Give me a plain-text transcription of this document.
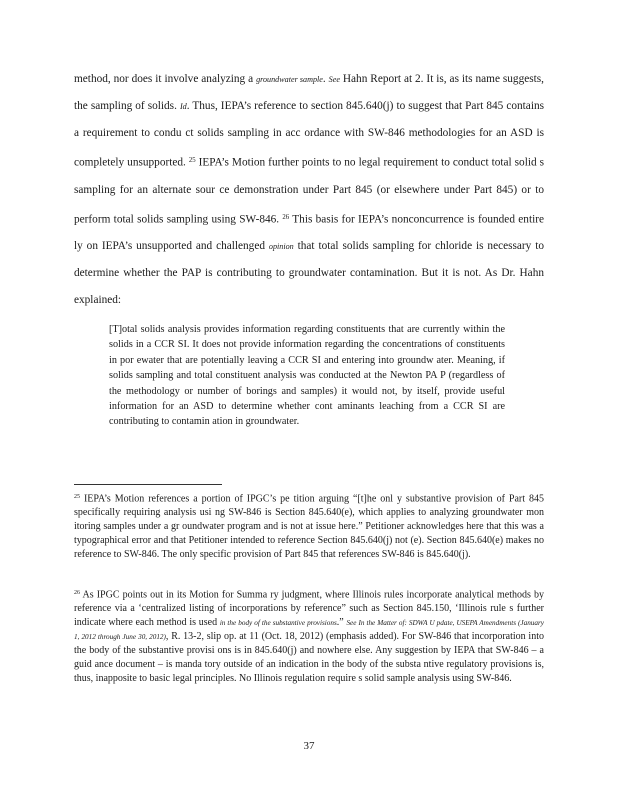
method, nor does it involve analyzing a groundwater sample. See Hahn Report at 2. It is, as its name suggests, the sampling of solids. Id. Thus, IEPA’s reference to section 845.640(j) to suggest that Part 845 contains a requirement to condu ct solids sampling in acc ordance with SW-846 methodologies for an ASD is completely unsupported. $^{25}$ IEPA’s Motion further points to no legal requirement to conduct total solid s sampling for an alternate sour ce demonstration under Part 845 (or elsewhere under Part 845) or to perform total solids sampling using SW-846. $^{26}$ This basis for IEPA’s nonconcurrence is founded entire ly on IEPA’s unsupported and challenged opinion that total solids sampling for chloride is necessary to determine whether the PAP is contributing to groundwater contamination. But it is not. As Dr. Hahn explained:

[T]otal solids analysis provides information regarding constituents that are currently within the solids in a CCR SI. It does not provide information regarding the concentrations of constituents in por ewater that are potentially leaving a CCR SI and entering into groundw ater. Meaning, if solids sampling and total constituent analysis was conducted at the Newton PA P (regardless of the methodology or number of borings and samples) it would not, by itself, provide useful information for an ASD to determine whether cont aminants leaching from a CCR SI are contributing to contamin ation in groundwater.

$^{25}$ IEPA’s Motion references a portion of IPGC’s pe tition arguing “[t]he onl y substantive provision of Part 845 specifically requiring analysis usi ng SW-846 is Section 845.640(e), which applies to analyzing groundwater mon itoring samples under a gr oundwater program and is not at issue here.” Petitioner acknowledges here that this was a typographical error and that Petitioner intended to reference Section 845.640(j) not (e). Section 845.640(e) makes no reference to SW-846. The only specific provision of Part 845 that references SW-846 is 845.640(j).

$^{26}$ As IPGC points out in its Motion for Summa ry judgment, where Illinois rules incorporate analytical methods by reference via a ‘centralized listing of incorporations by reference” such as Section 845.150, ‘Illinois rule s further indicate where each method is used in the body of the substantive provisions.” See In the Matter of: SDWA U pdate, USEPA Amendments (January 1, 2012 through June 30, 2012), R. 13-2, slip op. at 11 (Oct. 18, 2012) (emphasis added). For SW-846 that incorporation into the body of the substantive provisi ons is in 845.640(j) and nowhere else. Any suggestion by IEPA that SW-846 – a guid ance document – is manda tory outside of an indication in the body of the substa ntive regulatory provisions is, thus, inapposite to basic legal principles. No Illinois regulation require s solid sample analysis using SW-846.

37
